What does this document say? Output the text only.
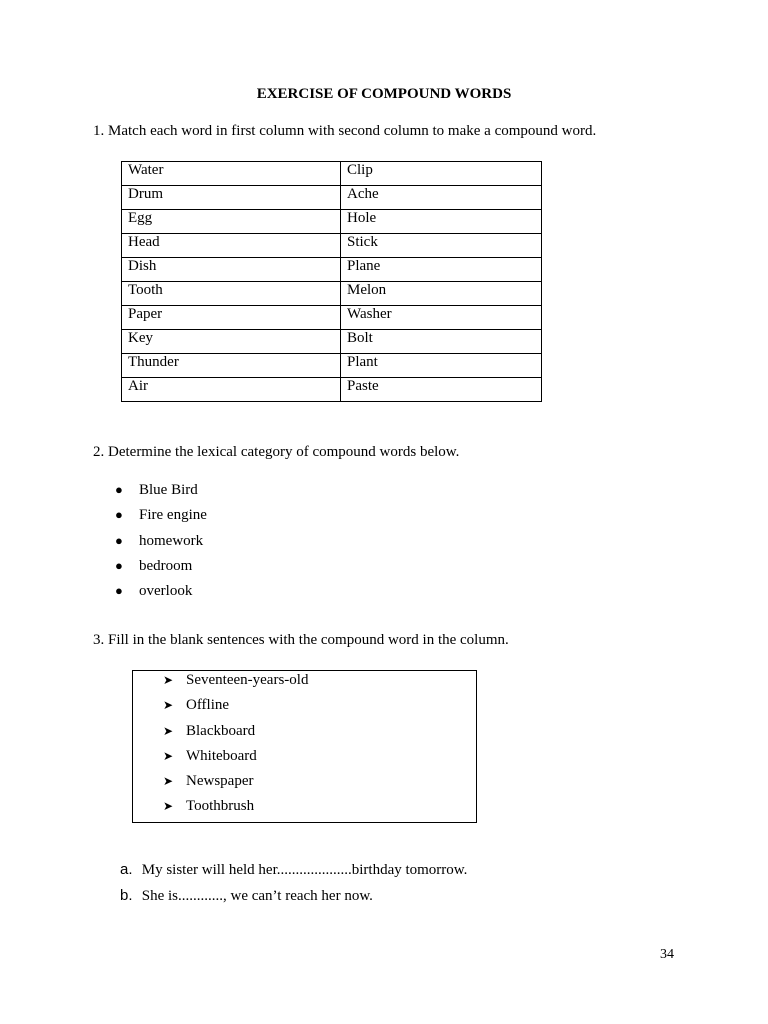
EXERCISE OF COMPOUND WORDS
1. Match each word in first column with second column to make a compound word.
Water	Clip
Drum	Ache
Egg	Hole
Head	Stick
Dish	Plane
Tooth	Melon
Paper	Washer
Key	Bolt
Thunder	Plant
Air	Paste
2. Determine the lexical category of compound words below.
● Blue Bird
● Fire engine
● homework
● bedroom
● overlook
3. Fill in the blank sentences with the compound word in the column.
➤ Seventeen-years-old
➤ Offline
➤ Blackboard
➤ Whiteboard
➤ Newspaper
➤ Toothbrush
a. My sister will held her....................birthday tomorrow.
b. She is............, we can’t reach her now.
34
